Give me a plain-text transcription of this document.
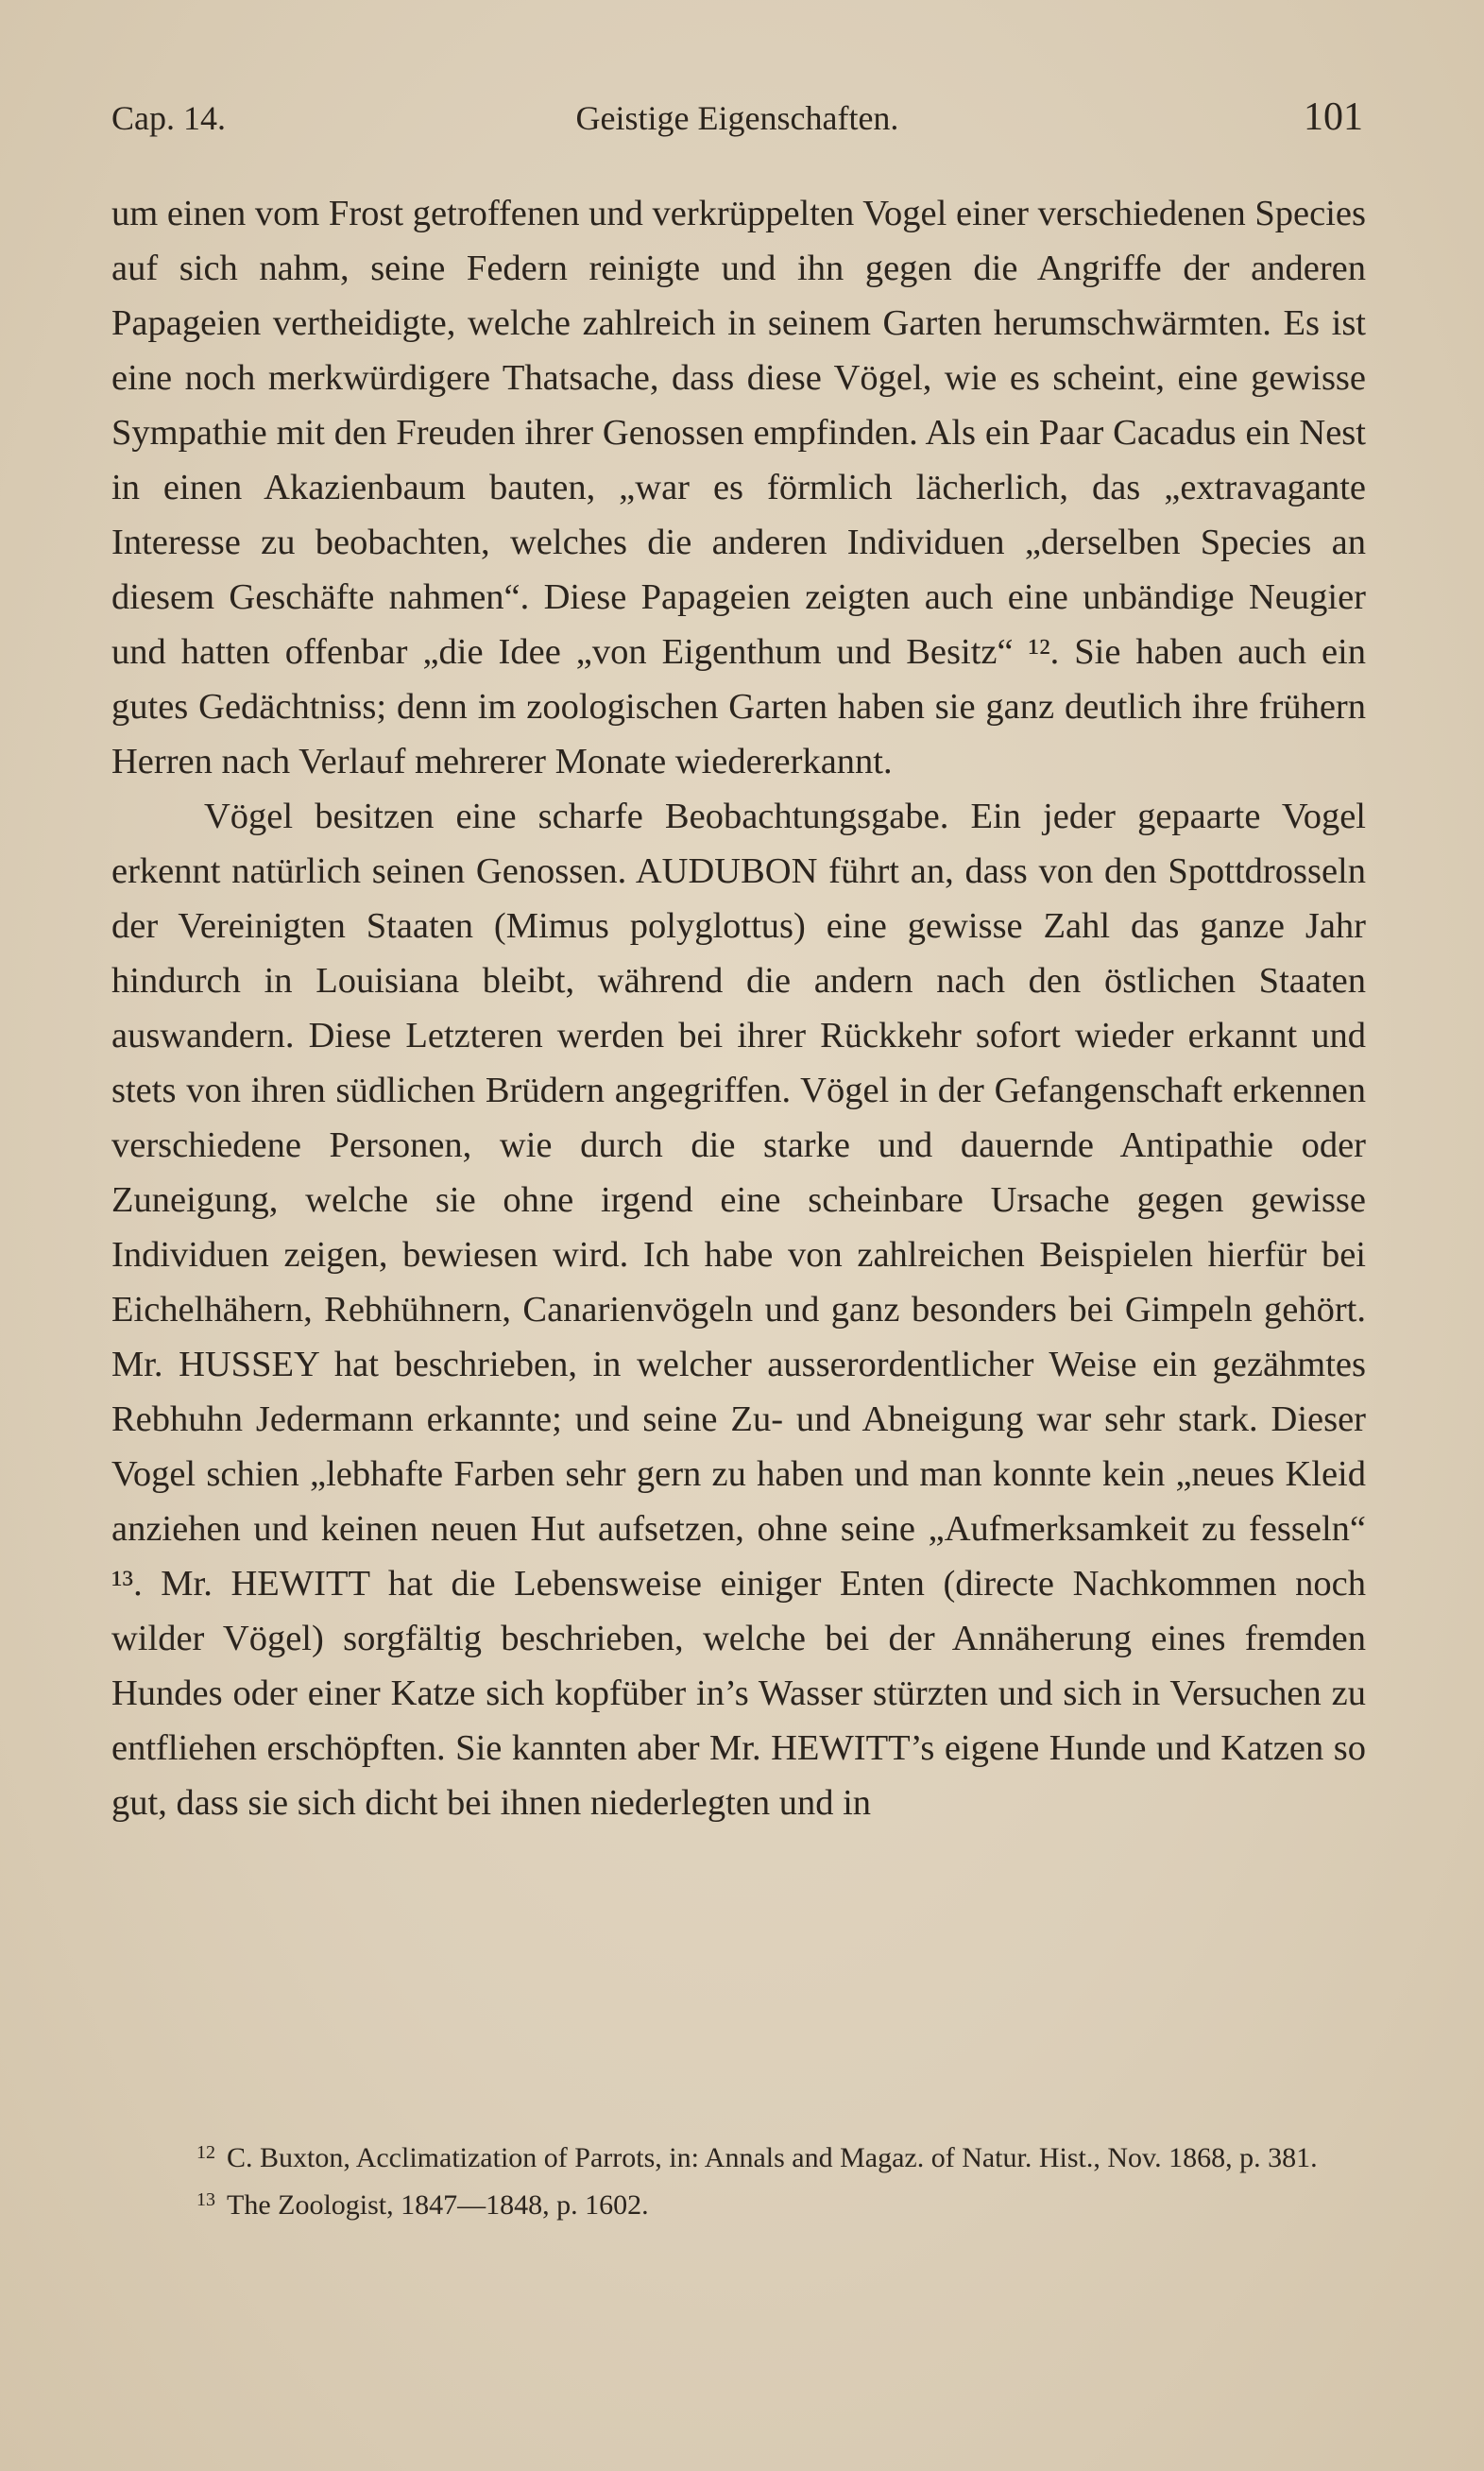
Cap. 14.	Geistige Eigenschaften.	101

um einen vom Frost getroffenen und verkrüppelten Vogel einer verschiedenen Species auf sich nahm, seine Federn reinigte und ihn gegen die Angriffe der anderen Papageien vertheidigte, welche zahlreich in seinem Garten herumschwärmten. Es ist eine noch merkwürdigere Thatsache, dass diese Vögel, wie es scheint, eine gewisse Sympathie mit den Freuden ihrer Genossen empfinden. Als ein Paar Cacadus ein Nest in einen Akazienbaum bauten, „war es förmlich lächerlich, das „extravagante Interesse zu beobachten, welches die anderen Individuen „derselben Species an diesem Geschäfte nahmen“. Diese Papageien zeigten auch eine unbändige Neugier und hatten offenbar „die Idee „von Eigenthum und Besitz“ ¹². Sie haben auch ein gutes Gedächtniss; denn im zoologischen Garten haben sie ganz deutlich ihre frühern Herren nach Verlauf mehrerer Monate wiedererkannt.

Vögel besitzen eine scharfe Beobachtungsgabe. Ein jeder gepaarte Vogel erkennt natürlich seinen Genossen. AUDUBON führt an, dass von den Spottdrosseln der Vereinigten Staaten (Mimus polyglottus) eine gewisse Zahl das ganze Jahr hindurch in Louisiana bleibt, während die andern nach den östlichen Staaten auswandern. Diese Letzteren werden bei ihrer Rückkehr sofort wieder erkannt und stets von ihren südlichen Brüdern angegriffen. Vögel in der Gefangenschaft erkennen verschiedene Personen, wie durch die starke und dauernde Antipathie oder Zuneigung, welche sie ohne irgend eine scheinbare Ursache gegen gewisse Individuen zeigen, bewiesen wird. Ich habe von zahlreichen Beispielen hierfür bei Eichelhähern, Rebhühnern, Canarienvögeln und ganz besonders bei Gimpeln gehört. Mr. HUSSEY hat beschrieben, in welcher ausserordentlicher Weise ein gezähmtes Rebhuhn Jedermann erkannte; und seine Zu- und Abneigung war sehr stark. Dieser Vogel schien „lebhafte Farben sehr gern zu haben und man konnte kein „neues Kleid anziehen und keinen neuen Hut aufsetzen, ohne seine „Aufmerksamkeit zu fesseln“ ¹³. Mr. HEWITT hat die Lebensweise einiger Enten (directe Nachkommen noch wilder Vögel) sorgfältig beschrieben, welche bei der Annäherung eines fremden Hundes oder einer Katze sich kopfüber in’s Wasser stürzten und sich in Versuchen zu entfliehen erschöpften. Sie kannten aber Mr. HEWITT’s eigene Hunde und Katzen so gut, dass sie sich dicht bei ihnen niederlegten und in

$^{12}$ C. Buxton, Acclimatization of Parrots, in: Annals and Magaz. of Natur. Hist., Nov. 1868, p. 381.

$^{13}$ The Zoologist, 1847—1848, p. 1602.
